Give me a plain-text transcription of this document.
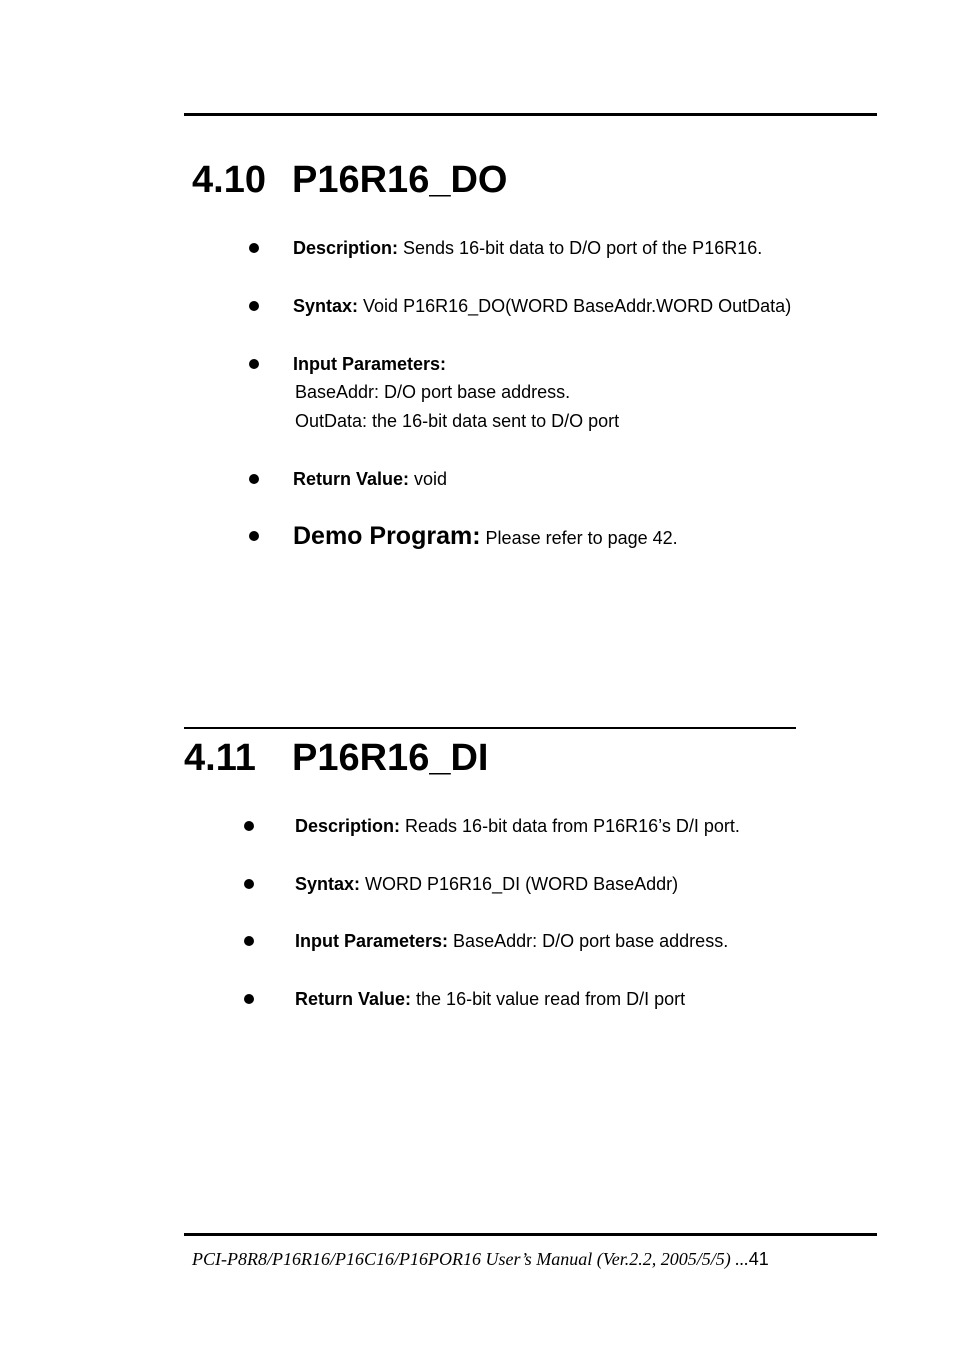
4.10 P16R16_DO
Description: Sends 16-bit data to D/O port of the P16R16.
Syntax: Void P16R16_DO(WORD BaseAddr.WORD OutData)
Input Parameters:
BaseAddr: D/O port base address.
OutData: the 16-bit data sent to D/O port
Return Value: void
Demo Program: Please refer to page 42.
4.11 P16R16_DI
Description: Reads 16-bit data from P16R16’s D/I port.
Syntax: WORD P16R16_DI (WORD BaseAddr)
Input Parameters: BaseAddr: D/O port base address.
Return Value: the 16-bit value read from D/I port
PCI-P8R8/P16R16/P16C16/P16POR16 User’s Manual (Ver.2.2, 2005/5/5) ...41
